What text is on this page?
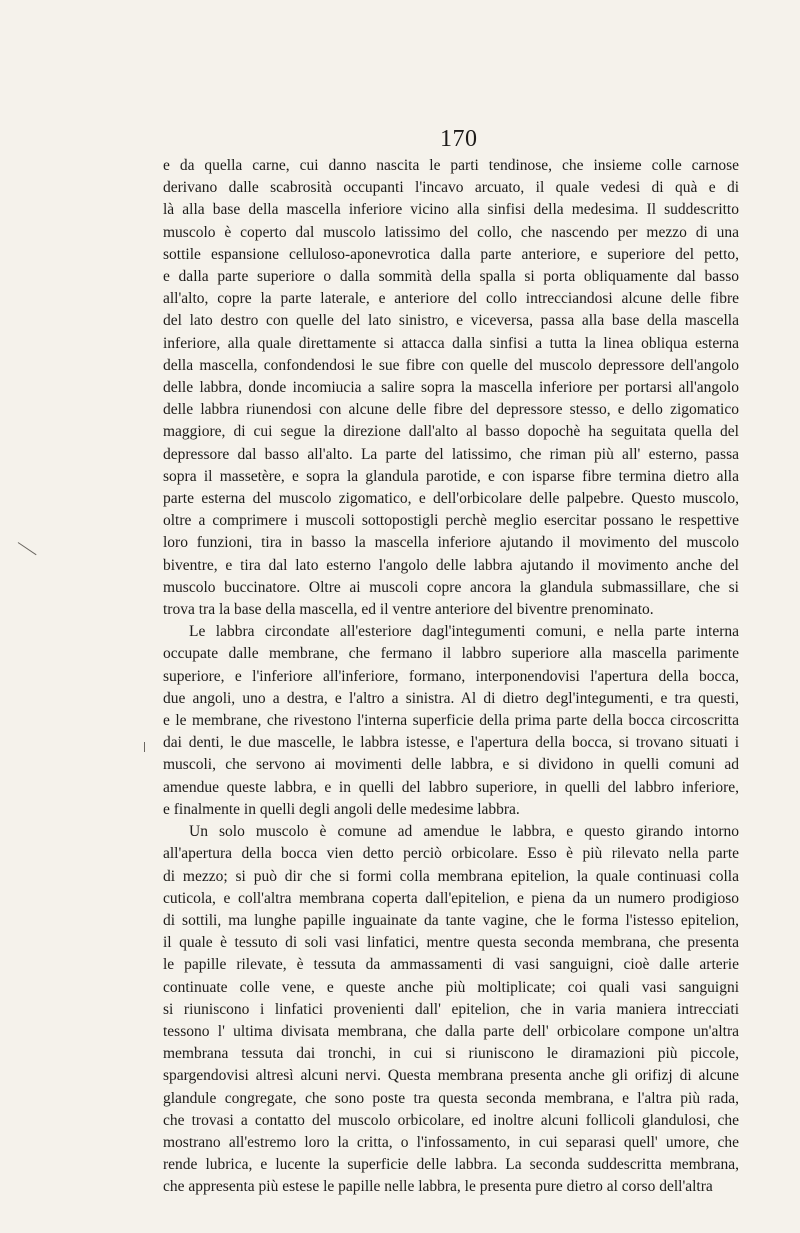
170
e da quella carne, cui danno nascita le parti tendinose, che insieme colle carnose
derivano dalle scabrosità occupanti l'incavo arcuato, il quale vedesi di quà e di
là alla base della mascella inferiore vicino alla sinfisi della medesima. Il suddescritto
muscolo è coperto dal muscolo latissimo del collo, che nascendo per mezzo di una
sottile espansione celluloso-aponevrotica dalla parte anteriore, e superiore del petto,
e dalla parte superiore o dalla sommità della spalla si porta obliquamente dal basso
all'alto, copre la parte laterale, e anteriore del collo intrecciandosi alcune delle fibre
del lato destro con quelle del lato sinistro, e viceversa, passa alla base della mascella
inferiore, alla quale direttamente si attacca dalla sinfisi a tutta la linea obliqua esterna
della mascella, confondendosi le sue fibre con quelle del muscolo depressore dell'angolo
delle labbra, donde incomiucia a salire sopra la mascella inferiore per portarsi all'angolo
delle labbra riunendosi con alcune delle fibre del depressore stesso, e dello zigomatico
maggiore, di cui segue la direzione dall'alto al basso dopochè ha seguitata quella del
depressore dal basso all'alto. La parte del latissimo, che riman più all' esterno, passa
sopra il massetère, e sopra la glandula parotide, e con isparse fibre termina dietro alla
parte esterna del muscolo zigomatico, e dell'orbicolare delle palpebre. Questo muscolo,
oltre a comprimere i muscoli sottopostigli perchè meglio esercitar possano le respettive
loro funzioni, tira in basso la mascella inferiore ajutando il movimento del muscolo
biventre, e tira dal lato esterno l'angolo delle labbra ajutando il movimento anche del
muscolo buccinatore. Oltre ai muscoli copre ancora la glandula submassillare, che si
trova tra la base della mascella, ed il ventre anteriore del biventre prenominato.
Le labbra circondate all'esteriore dagl'integumenti comuni, e nella parte interna
occupate dalle membrane, che fermano il labbro superiore alla mascella parimente
superiore, e l'inferiore all'inferiore, formano, interponendovisi l'apertura della bocca,
due angoli, uno a destra, e l'altro a sinistra. Al di dietro degl'integumenti, e tra questi,
e le membrane, che rivestono l'interna superficie della prima parte della bocca circoscritta
dai denti, le due mascelle, le labbra istesse, e l'apertura della bocca, si trovano situati i
muscoli, che servono ai movimenti delle labbra, e si dividono in quelli comuni ad
amendue queste labbra, e in quelli del labbro superiore, in quelli del labbro inferiore,
e finalmente in quelli degli angoli delle medesime labbra.
Un solo muscolo è comune ad amendue le labbra, e questo girando intorno
all'apertura della bocca vien detto perciò orbicolare. Esso è più rilevato nella parte
di mezzo; si può dir che si formi colla membrana epitelion, la quale continuasi colla
cuticola, e coll'altra membrana coperta dall'epitelion, e piena da un numero prodigioso
di sottili, ma lunghe papille inguainate da tante vagine, che le forma l'istesso epitelion,
il quale è tessuto di soli vasi linfatici, mentre questa seconda membrana, che presenta
le papille rilevate, è tessuta da ammassamenti di vasi sanguigni, cioè dalle arterie
continuate colle vene, e queste anche più moltiplicate; coi quali vasi sanguigni
si riuniscono i linfatici provenienti dall' epitelion, che in varia maniera intrecciati
tessono l' ultima divisata membrana, che dalla parte dell' orbicolare compone un'altra
membrana tessuta dai tronchi, in cui si riuniscono le diramazioni più piccole,
spargendovisi altresì alcuni nervi. Questa membrana presenta anche gli orifizj di alcune
glandule congregate, che sono poste tra questa seconda membrana, e l'altra più rada,
che trovasi a contatto del muscolo orbicolare, ed inoltre alcuni follicoli glandulosi, che
mostrano all'estremo loro la critta, o l'infossamento, in cui separasi quell' umore, che
rende lubrica, e lucente la superficie delle labbra. La seconda suddescritta membrana,
che appresenta più estese le papille nelle labbra, le presenta pure dietro al corso dell'altra
